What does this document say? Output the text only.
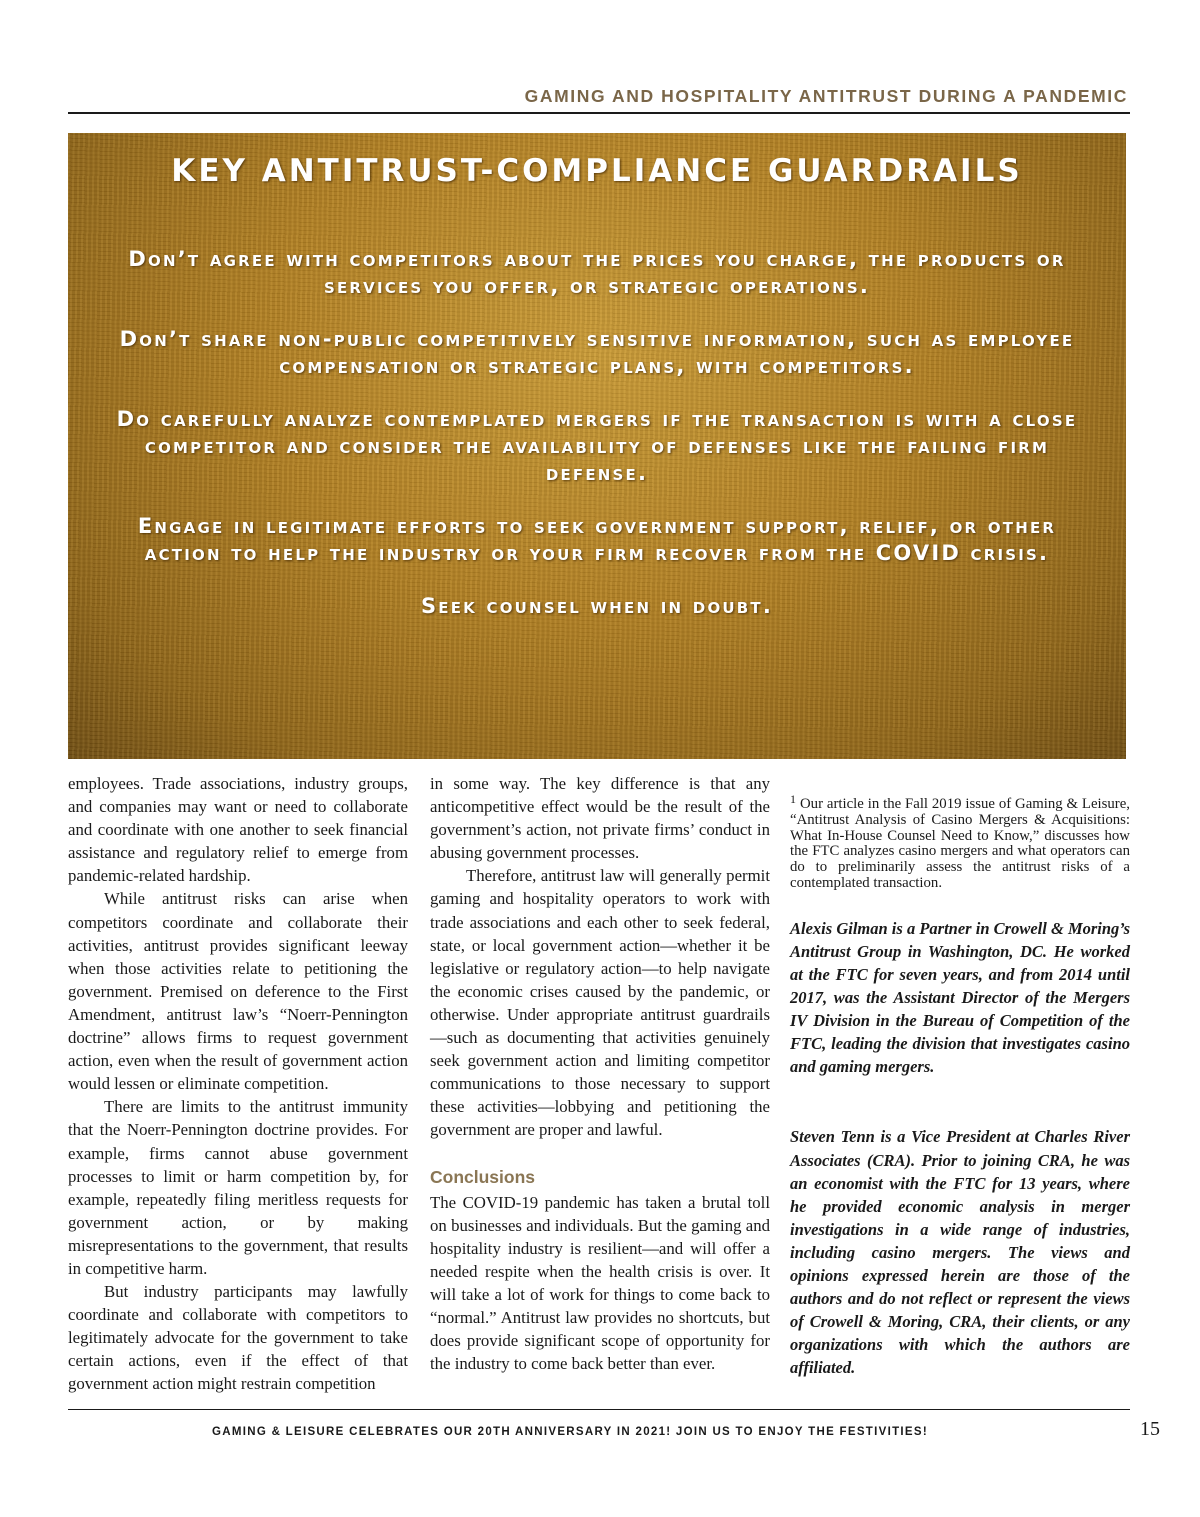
GAMING AND HOSPITALITY ANTITRUST DURING A PANDEMIC
KEY ANTITRUST-COMPLIANCE GUARDRAILS
Don’t agree with competitors about the prices you charge, the products or services you offer, or strategic operations.
Don’t share non-public competitively sensitive information, such as employee compensation or strategic plans, with competitors.
Do carefully analyze contemplated mergers if the transaction is with a close competitor and consider the availability of defenses like the failing firm defense.
Engage in legitimate efforts to seek government support, relief, or other action to help the industry or your firm recover from the COVID crisis.
Seek counsel when in doubt.

employees. Trade associations, industry groups, and companies may want or need to collaborate and coordinate with one another to seek financial assistance and regulatory relief to emerge from pandemic-related hardship.

While antitrust risks can arise when competitors coordinate and collaborate their activities, antitrust provides significant leeway when those activities relate to petitioning the government. Premised on deference to the First Amendment, antitrust law’s “Noerr-Pennington doctrine” allows firms to request government action, even when the result of government action would lessen or eliminate competition.

There are limits to the antitrust immunity that the Noerr-Pennington doctrine provides. For example, firms cannot abuse government processes to limit or harm competition by, for example, repeatedly filing meritless requests for government action, or by making misrepresentations to the government, that results in competitive harm.

But industry participants may lawfully coordinate and collaborate with competitors to legitimately advocate for the government to take certain actions, even if the effect of that government action might restrain competition

in some way. The key difference is that any anticompetitive effect would be the result of the government’s action, not private firms’ conduct in abusing government processes.

Therefore, antitrust law will generally permit gaming and hospitality operators to work with trade associations and each other to seek federal, state, or local government action—whether it be legislative or regulatory action—to help navigate the economic crises caused by the pandemic, or otherwise. Under appropriate antitrust guardrails—such as documenting that activities genuinely seek government action and limiting competitor communications to those necessary to support these activities—lobbying and petitioning the government are proper and lawful.

Conclusions

The COVID-19 pandemic has taken a brutal toll on businesses and individuals. But the gaming and hospitality industry is resilient—and will offer a needed respite when the health crisis is over. It will take a lot of work for things to come back to “normal.” Antitrust law provides no shortcuts, but does provide significant scope of opportunity for the industry to come back better than ever.

$^1$ Our article in the Fall 2019 issue of Gaming & Leisure, “Antitrust Analysis of Casino Mergers & Acquisitions: What In-House Counsel Need to Know,” discusses how the FTC analyzes casino mergers and what operators can do to preliminarily assess the antitrust risks of a contemplated transaction.
Alexis Gilman is a Partner in Crowell & Moring’s Antitrust Group in Washington, DC. He worked at the FTC for seven years, and from 2014 until 2017, was the Assistant Director of the Mergers IV Division in the Bureau of Competition of the FTC, leading the division that investigates casino and gaming mergers.
Steven Tenn is a Vice President at Charles River Associates (CRA). Prior to joining CRA, he was an economist with the FTC for 13 years, where he provided economic analysis in merger investigations in a wide range of industries, including casino mergers. The views and opinions expressed herein are those of the authors and do not reflect or represent the views of Crowell & Moring, CRA, their clients, or any organizations with which the authors are affiliated.
GAMING & LEISURE CELEBRATES OUR 20TH ANNIVERSARY IN 2021! JOIN US TO ENJOY THE FESTIVITIES!	15
